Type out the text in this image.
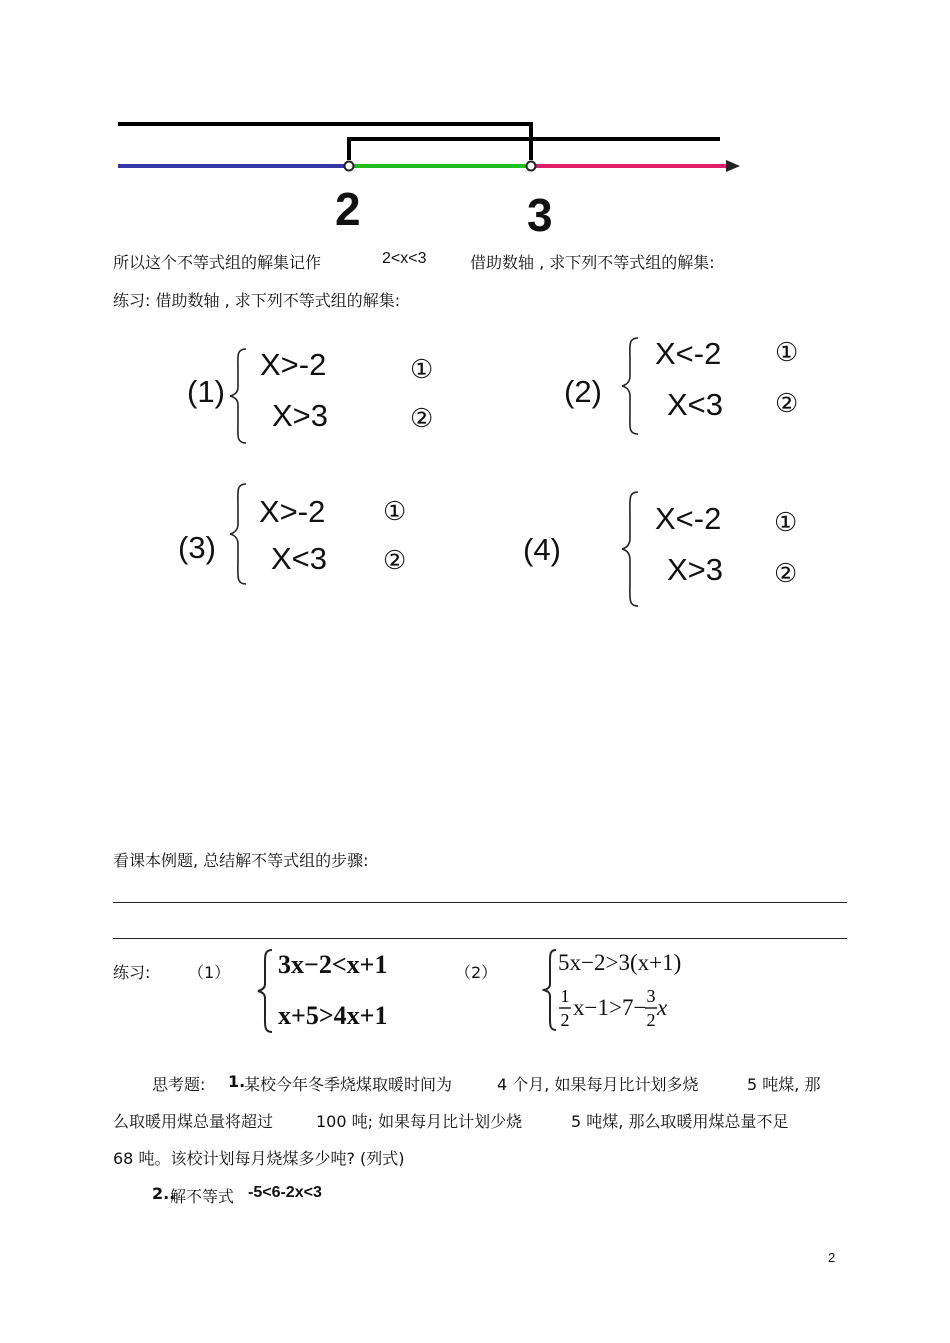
2	3
所以这个不等式组的解集记作	2<x<3	借助数轴 , 求下列不等式组的解集:
练习: 借助数轴 , 求下列不等式组的解集:
(1)
X>-2
X>3
①
②
(2)
X<-2
X<3
①
②
(3)
X>-2
X<3
①
②	(4)
X<-2
X>3
①
②
看课本例题, 总结解不等式组的步骤:
练习: （1） 3x−2<x+1
x+5>4x+1
（2）	5x−2>3(x+1)
1
2 x−1>7− 3
2 x
思考题: 1.
某校今年冬季烧煤取暖时间为	4 个月, 如果每月比计划多烧	5 吨煤, 那
么取暖用煤总量将超过	100 吨; 如果每月比计划少烧	5 吨煤, 那么取暖用煤总量不足
68 吨。该校计划每月烧煤多少吨? (列式)
2..
解不等式 -5<6-2x<3
2
